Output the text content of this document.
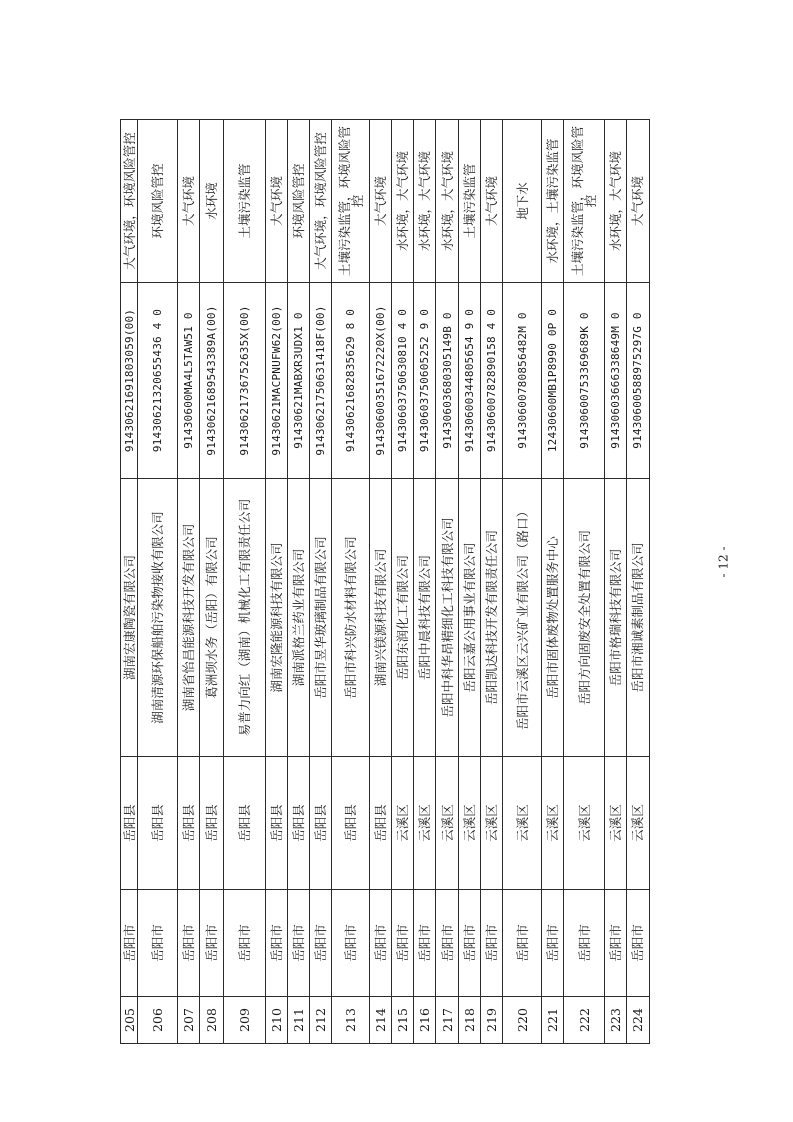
205	岳阳市	岳阳县	湖南宏康陶瓷有限公司	91430621691803059(00)	大气环境，环境风险管控
206	岳阳市	岳阳县	湖南清源环保船舶污染物接收有限公司	91430621320655436 4 0	环境风险管控
207	岳阳市	岳阳县	湖南省怡昌能源科技开发有限公司	91430600MA4L5TAW51 0	大气环境
208	岳阳市	岳阳县	葛洲坝水务（岳阳）有限公司	91430621689543389A(00)	水环境
209	岳阳市	岳阳县	易普力向红（湖南）机械化工有限责任公司	91430621736752635X(00)	土壤污染监管
210	岳阳市	岳阳县	湖南宏隆能源科技有限公司	91430621MACPNUFW62(00)	大气环境
211	岳阳市	岳阳县	湖南派格兰药业有限公司	91430621MABXR3UDX1 0	环境风险管控
212	岳阳市	岳阳县	岳阳市昱华玻璃制品有限公司	91430621750631418F(00)	大气环境，环境风险管控
213	岳阳市	岳阳县	岳阳市科兴防水材料有限公司	91430621682835629 8 0	土壤污染监管，环境风险管控
214	岳阳市	岳阳县	湖南兴镁源科技有限公司	91430600351672220X(00)	大气环境
215	岳阳市	云溪区	岳阳东润化工有限公司	91430603750630810 4 0	水环境，大气环境
216	岳阳市	云溪区	岳阳中晨科技有限公司	91430603750605252 9 0	水环境，大气环境
217	岳阳市	云溪区	岳阳中科华昂精细化工科技有限公司	91430603680305149B 0	水环境，大气环境
218	岳阳市	云溪区	岳阳云嘉公用事业有限公司	91430600344805654 9 0	土壤污染监管
219	岳阳市	云溪区	岳阳凯达科技开发有限责任公司	91430600782890158 4 0	大气环境
220	岳阳市	云溪区	岳阳市云溪区云兴矿业有限公司（路口）	91430600780856482M 0	地下水
221	岳阳市	云溪区	岳阳市固体废物处置服务中心	12430600MB1P8990 0P 0	水环境，土壤污染监管
222	岳阳市	云溪区	岳阳方向固废安全处置有限公司	91430600753369689K 0	土壤污染监管，环境风险管控
223	岳阳市	云溪区	岳阳市格瑞科技有限公司	91430603666338649M 0	水环境，大气环境
224	岳阳市	云溪区	岳阳市湘诚素制品有限公司	91430600588975297G 0	大气环境
- 12 -
